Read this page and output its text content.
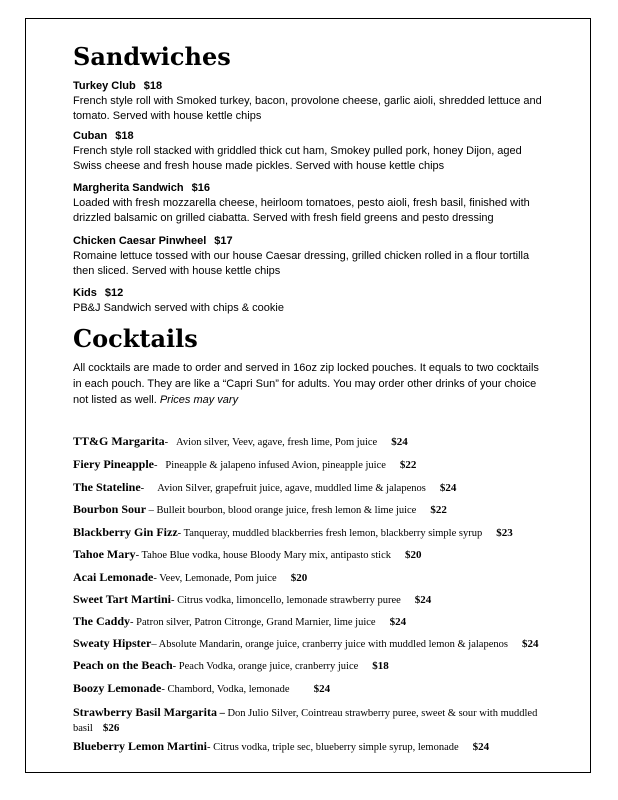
Sandwiches
Turkey Club $18
French style roll with Smoked turkey, bacon, provolone cheese, garlic aioli, shredded lettuce and tomato. Served with house kettle chips
Cuban $18
French style roll stacked with griddled thick cut ham, Smokey pulled pork, honey Dijon, aged Swiss cheese and fresh house made pickles. Served with house kettle chips
Margherita Sandwich $16
Loaded with fresh mozzarella cheese, heirloom tomatoes, pesto aioli, fresh basil, finished with drizzled balsamic on grilled ciabatta. Served with fresh field greens and pesto dressing
Chicken Caesar Pinwheel $17
Romaine lettuce tossed with our house Caesar dressing, grilled chicken rolled in a flour tortilla then sliced. Served with house kettle chips
Kids $12
PB&J Sandwich served with chips & cookie
Cocktails
All cocktails are made to order and served in 16oz zip locked pouches. It equals to two cocktails in each pouch. They are like a “Capri Sun” for adults. You may order other drinks of your choice not listed as well. Prices may vary
TT&G Margarita- Avion silver, Veev, agave, fresh lime, Pom juice $24
Fiery Pineapple- Pineapple & jalapeno infused Avion, pineapple juice $22
The Stateline- Avion Silver, grapefruit juice, agave, muddled lime & jalapenos $24
Bourbon Sour – Bulleit bourbon, blood orange juice, fresh lemon & lime juice $22
Blackberry Gin Fizz- Tanqueray, muddled blackberries fresh lemon, blackberry simple syrup $23
Tahoe Mary- Tahoe Blue vodka, house Bloody Mary mix, antipasto stick $20
Acai Lemonade- Veev, Lemonade, Pom juice $20
Sweet Tart Martini- Citrus vodka, limoncello, lemonade strawberry puree $24
The Caddy- Patron silver, Patron Citronge, Grand Marnier, lime juice $24
Sweaty Hipster– Absolute Mandarin, orange juice, cranberry juice with muddled lemon & jalapenos $24
Peach on the Beach- Peach Vodka, orange juice, cranberry juice $18
Boozy Lemonade- Chambord, Vodka, lemonade $24
Strawberry Basil Margarita – Don Julio Silver, Cointreau strawberry puree, sweet & sour with muddled basil $26
Blueberry Lemon Martini- Citrus vodka, triple sec, blueberry simple syrup, lemonade $24
